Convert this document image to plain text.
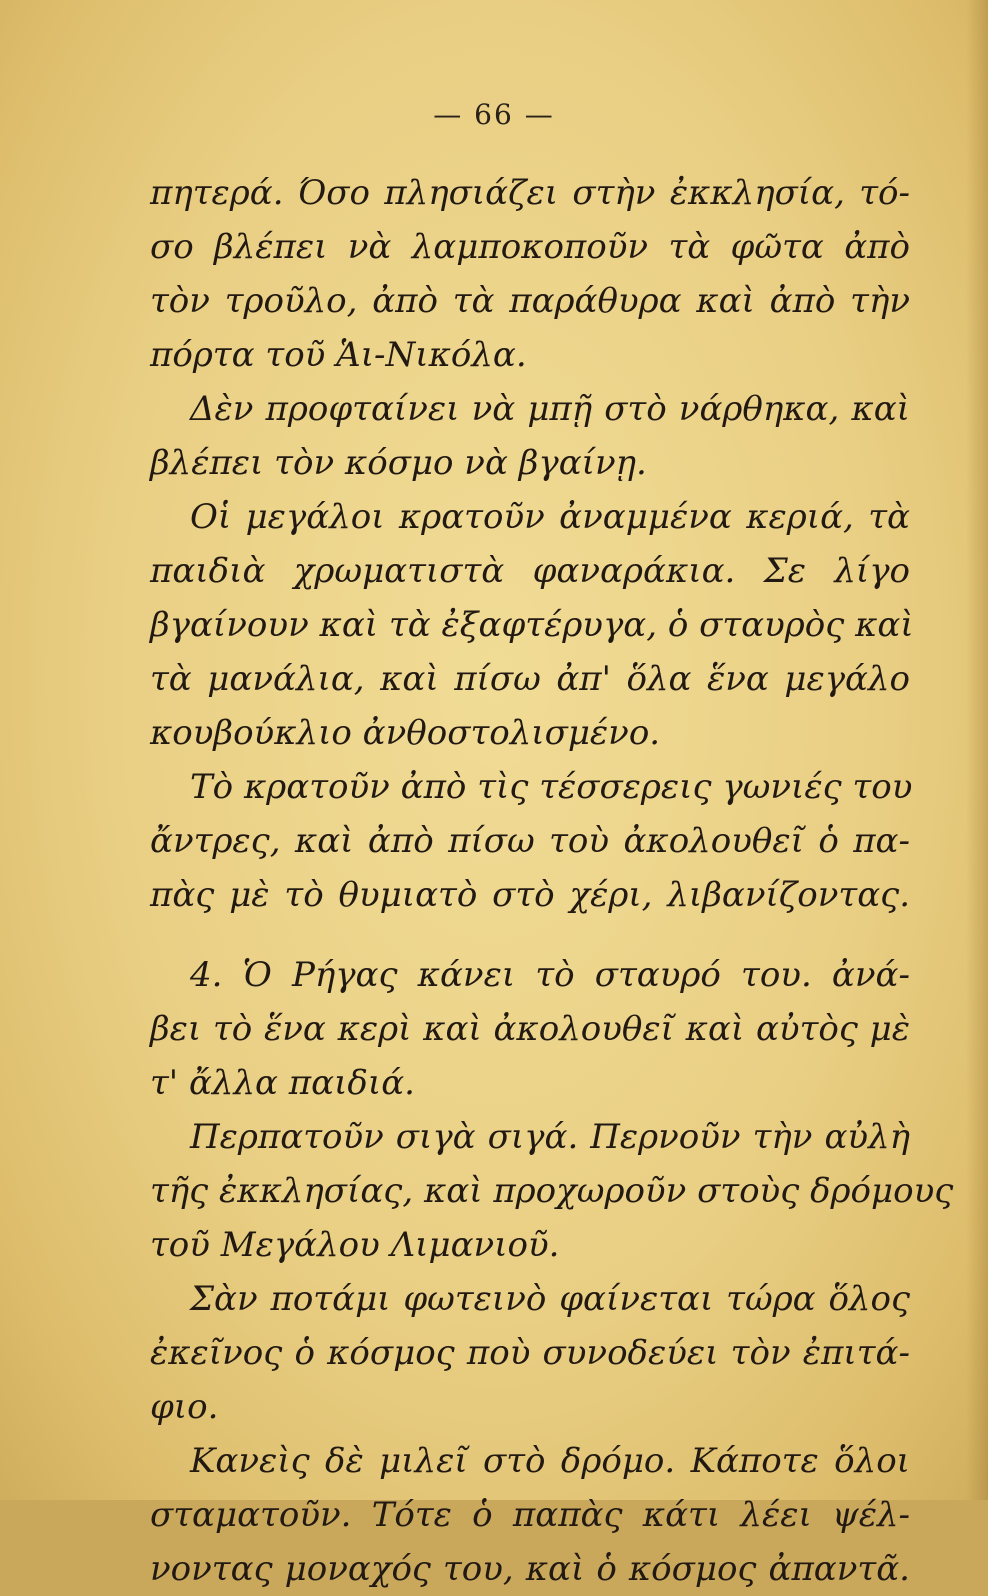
— 66 —
πητερά. Όσο πλησιάζει στὴν ἐκκλησία, τό-
σο βλέπει νὰ λαμποκοποῦν τὰ φῶτα ἀπὸ
τὸν τροῦλο, ἀπὸ τὰ παράθυρα καὶ ἀπὸ τὴν
πόρτα τοῦ Ἁι-Νικόλα.
Δὲν προφταίνει νὰ μπῇ στὸ νάρθηκα, καὶ
βλέπει τὸν κόσμο νὰ βγαίνῃ.
Οἱ μεγάλοι κρατοῦν ἀναμμένα κεριά, τὰ
παιδιὰ χρωματιστὰ φαναράκια. Σε λίγο
βγαίνουν καὶ τὰ ἐξαφτέρυγα, ὁ σταυρὸς καὶ
τὰ μανάλια, καὶ πίσω ἀπ' ὅλα ἕνα μεγάλο
κουβούκλιο ἀνθοστολισμένο.
Τὸ κρατοῦν ἀπὸ τὶς τέσσερεις γωνιές του
ἄντρες, καὶ ἀπὸ πίσω τοὺ ἀκολουθεῖ ὁ πα-
πὰς μὲ τὸ θυμιατὸ στὸ χέρι, λιβανίζοντας.
4. Ὁ Ρήγας κάνει τὸ σταυρό του. ἀνά-
βει τὸ ἕνα κερὶ καὶ ἀκολουθεῖ καὶ αὐτὸς μὲ
τ' ἄλλα παιδιά.
Περπατοῦν σιγὰ σιγά. Περνοῦν τὴν αὐλὴ
τῆς ἐκκλησίας, καὶ προχωροῦν στοὺς δρόμους
τοῦ Μεγάλου Λιμανιοῦ.
Σὰν ποτάμι φωτεινὸ φαίνεται τώρα ὅλος
ἐκεῖνος ὁ κόσμος ποὺ συνοδεύει τὸν ἐπιτά-
φιο.
Κανεὶς δὲ μιλεῖ στὸ δρόμο. Κάποτε ὅλοι
σταματοῦν. Τότε ὁ παπὰς κάτι λέει ψέλ-
νοντας μοναχός του, καὶ ὁ κόσμος ἀπαντᾶ.
